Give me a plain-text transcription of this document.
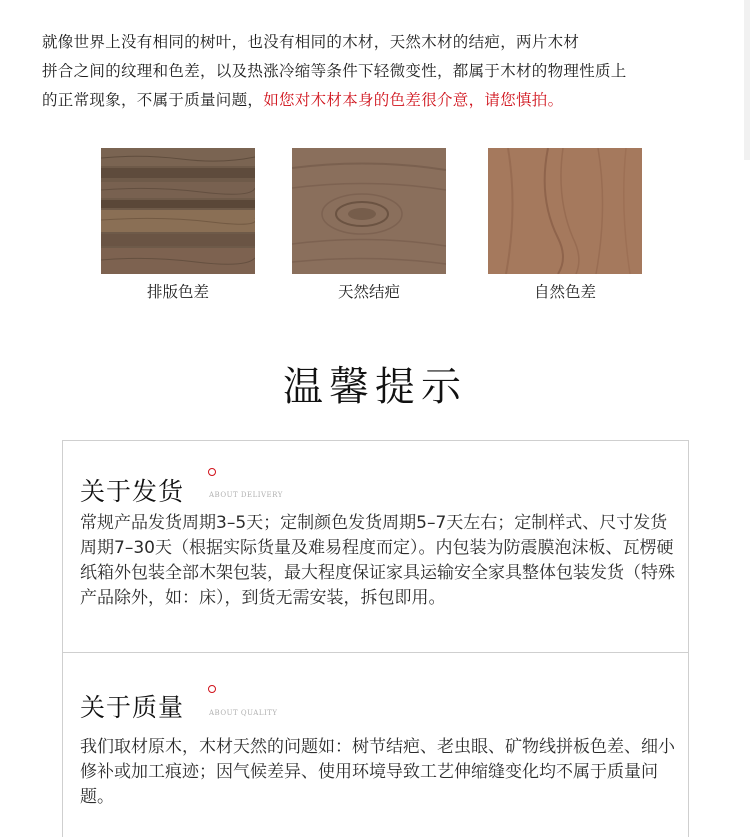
就像世界上没有相同的树叶，也没有相同的木材，天然木材的结疤，两片木材
拼合之间的纹理和色差，以及热涨冷缩等条件下轻微变性，都属于木材的物理性质上
的正常现象，不属于质量问题，如您对木材本身的色差很介意，请您慎拍。
排版色差	天然结疤	自然色差
温馨提示
关于发货	ABOUT DELIVERY
常规产品发货周期3–5天；定制颜色发货周期5–7天左右；定制样式、尺寸发货周期7–30天（根据实际货量及难易程度而定）。内包装为防震膜泡沫板、瓦楞硬纸箱外包装全部木架包装，最大程度保证家具运输安全家具整体包装发货（特殊产品除外，如：床），到货无需安装，拆包即用。
关于质量	ABOUT QUALITY
我们取材原木，木材天然的问题如：树节结疤、老虫眼、矿物线拼板色差、细小修补或加工痕迹；因气候差异、使用环境导致工艺伸缩缝变化均不属于质量问题。
